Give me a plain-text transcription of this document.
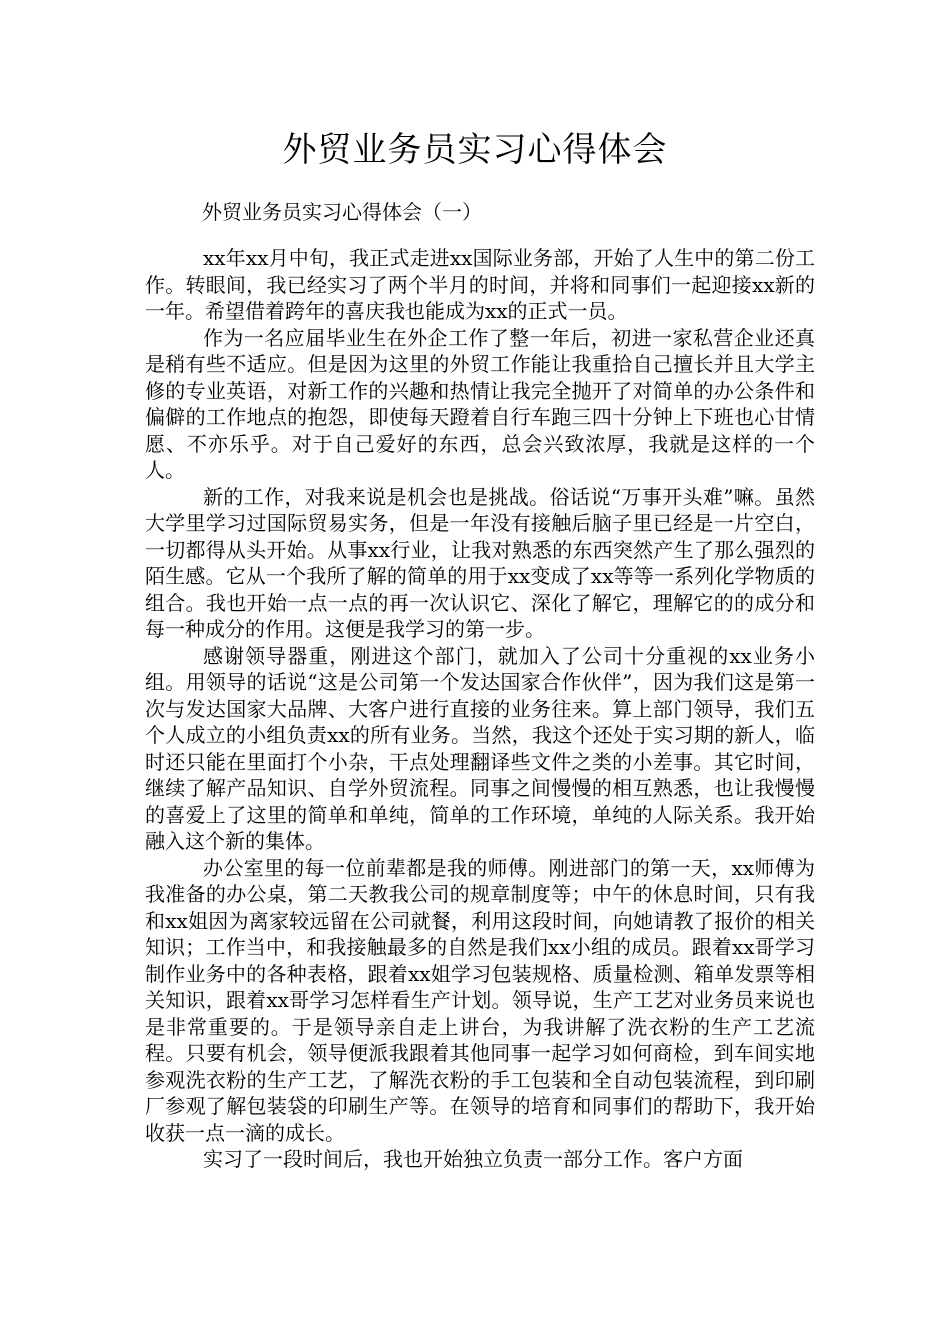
外贸业务员实习心得体会
外贸业务员实习心得体会（一）

xx年xx月中旬，我正式走进xx国际业务部，开始了人生中的第二份工作。转眼间，我已经实习了两个半月的时间，并将和同事们一起迎接xx新的一年。希望借着跨年的喜庆我也能成为xx的正式一员。

作为一名应届毕业生在外企工作了整一年后，初进一家私营企业还真是稍有些不适应。但是因为这里的外贸工作能让我重拾自己擅长并且大学主修的专业英语，对新工作的兴趣和热情让我完全抛开了对简单的办公条件和偏僻的工作地点的抱怨，即使每天蹬着自行车跑三四十分钟上下班也心甘情愿、不亦乐乎。对于自己爱好的东西，总会兴致浓厚，我就是这样的一个人。

新的工作，对我来说是机会也是挑战。俗话说“万事开头难”嘛。虽然大学里学习过国际贸易实务，但是一年没有接触后脑子里已经是一片空白，一切都得从头开始。从事xx行业，让我对熟悉的东西突然产生了那么强烈的陌生感。它从一个我所了解的简单的用于xx变成了xx等等一系列化学物质的组合。我也开始一点一点的再一次认识它、深化了解它，理解它的的成分和每一种成分的作用。这便是我学习的第一步。

感谢领导器重，刚进这个部门，就加入了公司十分重视的xx业务小组。用领导的话说“这是公司第一个发达国家合作伙伴”，因为我们这是第一次与发达国家大品牌、大客户进行直接的业务往来。算上部门领导，我们五个人成立的小组负责xx的所有业务。当然，我这个还处于实习期的新人，临时还只能在里面打个小杂，干点处理翻译些文件之类的小差事。其它时间，继续了解产品知识、自学外贸流程。同事之间慢慢的相互熟悉，也让我慢慢的喜爱上了这里的简单和单纯，简单的工作环境，单纯的人际关系。我开始融入这个新的集体。

办公室里的每一位前辈都是我的师傅。刚进部门的第一天，xx师傅为我准备的办公桌，第二天教我公司的规章制度等；中午的休息时间，只有我和xx姐因为离家较远留在公司就餐，利用这段时间，向她请教了报价的相关知识；工作当中，和我接触最多的自然是我们xx小组的成员。跟着xx哥学习制作业务中的各种表格，跟着xx姐学习包装规格、质量检测、箱单发票等相关知识，跟着xx哥学习怎样看生产计划。领导说，生产工艺对业务员来说也是非常重要的。于是领导亲自走上讲台，为我讲解了洗衣粉的生产工艺流程。只要有机会，领导便派我跟着其他同事一起学习如何商检，到车间实地参观洗衣粉的生产工艺，了解洗衣粉的手工包装和全自动包装流程，到印刷厂参观了解包装袋的印刷生产等。在领导的培育和同事们的帮助下，我开始收获一点一滴的成长。

实习了一段时间后，我也开始独立负责一部分工作。客户方面
